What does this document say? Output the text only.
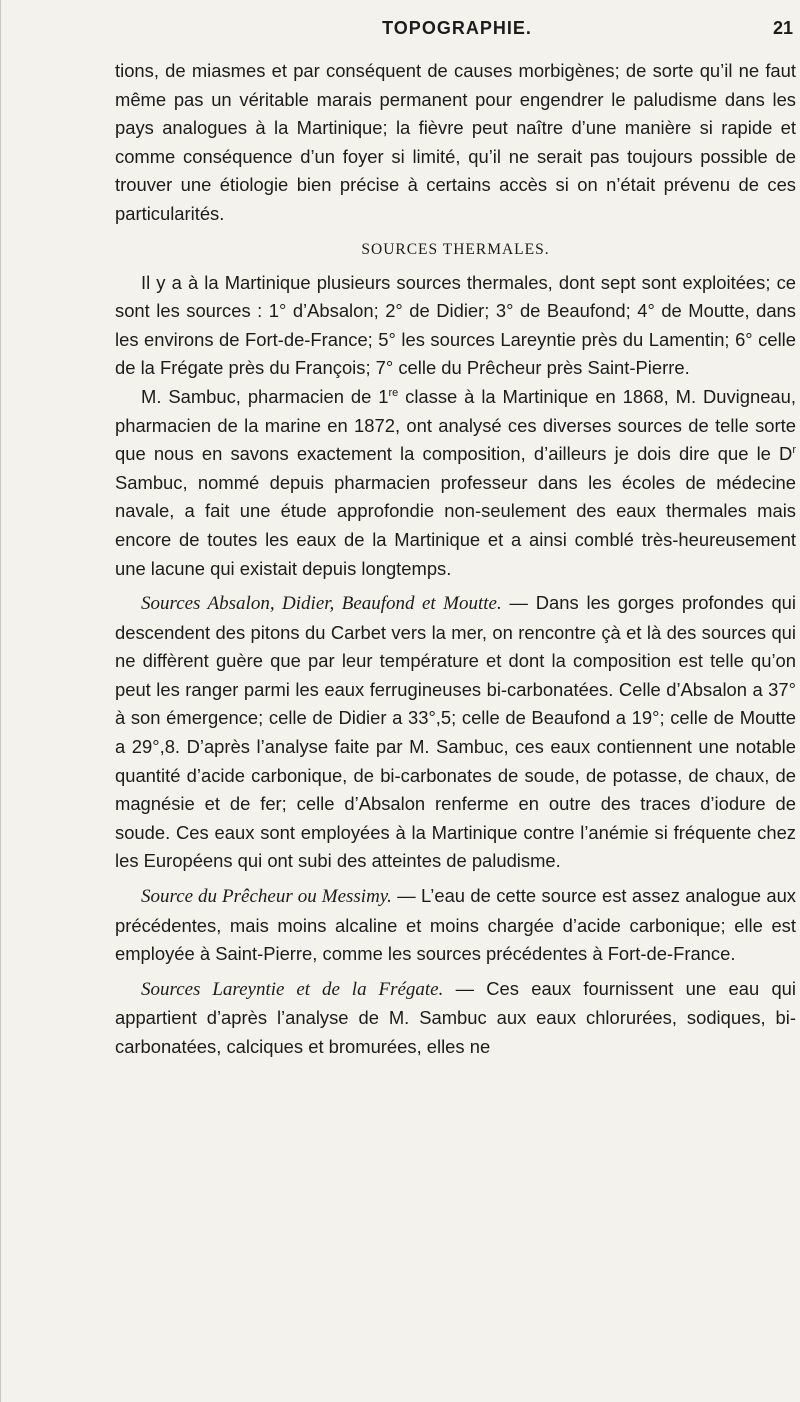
TOPOGRAPHIE.	21

tions, de miasmes et par conséquent de causes morbigènes; de sorte qu’il ne faut même pas un véritable marais permanent pour engendrer le paludisme dans les pays analogues à la Martinique; la fièvre peut naître d’une manière si rapide et comme conséquence d’un foyer si limité, qu’il ne serait pas toujours possible de trouver une étiologie bien précise à certains accès si on n’était prévenu de ces particularités.

SOURCES THERMALES.

Il y a à la Martinique plusieurs sources thermales, dont sept sont exploitées; ce sont les sources : 1° d’Absalon; 2° de Didier; 3° de Beaufond; 4° de Moutte, dans les environs de Fort-de-France; 5° les sources Lareyntie près du Lamentin; 6° celle de la Frégate près du François; 7° celle du Prêcheur près Saint-Pierre.

M. Sambuc, pharmacien de 1re classe à la Martinique en 1868, M. Duvigneau, pharmacien de la marine en 1872, ont analysé ces diverses sources de telle sorte que nous en savons exactement la composition, d’ailleurs je dois dire que le $D^r$ Sambuc, nommé depuis pharmacien professeur dans les écoles de médecine navale, a fait une étude approfondie non-seulement des eaux thermales mais encore de toutes les eaux de la Martinique et a ainsi comblé très-heureusement une lacune qui existait depuis longtemps.

Sources Absalon, Didier, Beaufond et Moutte. — Dans les gorges profondes qui descendent des pitons du Carbet vers la mer, on rencontre çà et là des sources qui ne diffèrent guère que par leur température et dont la composition est telle qu’on peut les ranger parmi les eaux ferrugineuses bi-carbonatées. Celle d’Absalon a 37° à son émergence; celle de Didier a 33°,5; celle de Beaufond a 19°; celle de Moutte a 29°,8. D’après l’analyse faite par M. Sambuc, ces eaux contiennent une notable quantité d’acide carbonique, de bi-carbonates de soude, de potasse, de chaux, de magnésie et de fer; celle d’Absalon renferme en outre des traces d’iodure de soude. Ces eaux sont employées à la Martinique contre l’anémie si fréquente chez les Européens qui ont subi des atteintes de paludisme.

Source du Prêcheur ou Messimy. — L’eau de cette source est assez analogue aux précédentes, mais moins alcaline et moins chargée d’acide carbonique; elle est employée à Saint-Pierre, comme les sources précédentes à Fort-de-France.

Sources Lareyntie et de la Frégate. — Ces eaux fournissent une eau qui appartient d’après l’analyse de M. Sambuc aux eaux chlorurées, sodiques, bi-carbonatées, calciques et bromurées, elles ne
